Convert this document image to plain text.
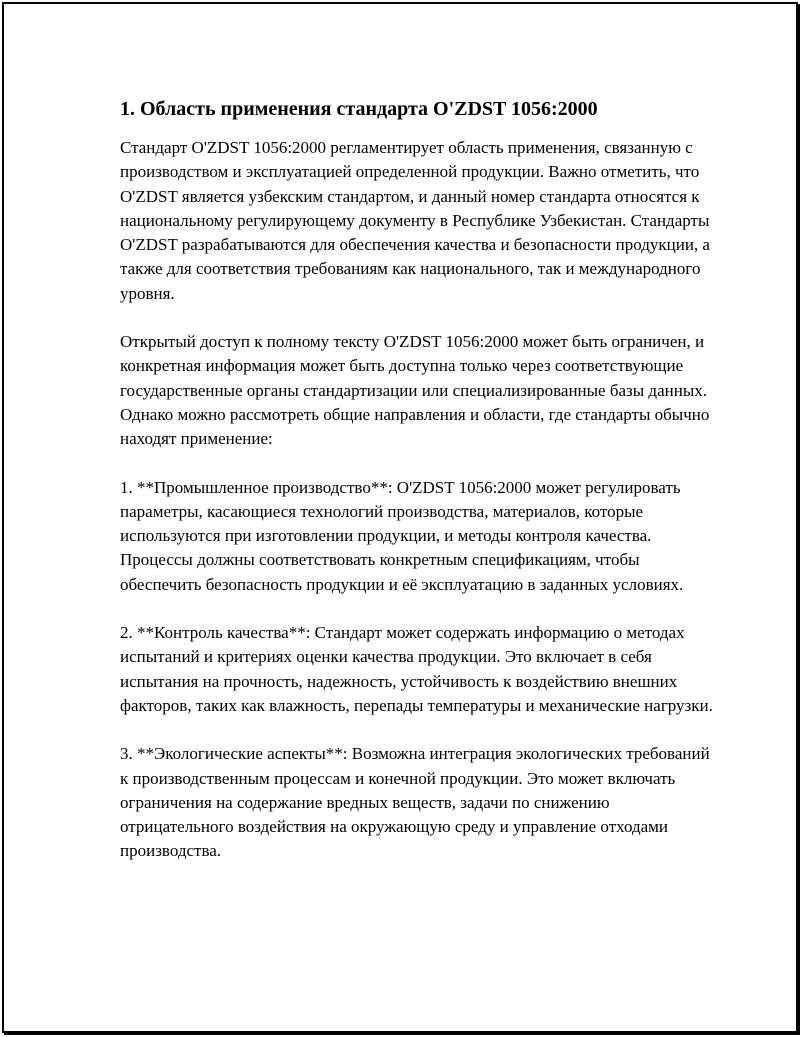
1. Область применения стандарта O'ZDST 1056:2000

Стандарт O'ZDST 1056:2000 регламентирует область применения, связанную с производством и эксплуатацией определенной продукции. Важно отметить, что O'ZDST является узбекским стандартом, и данный номер стандарта относятся к национальному регулирующему документу в Республике Узбекистан. Стандарты O'ZDST разрабатываются для обеспечения качества и безопасности продукции, а также для соответствия требованиям как национального, так и международного уровня.

Открытый доступ к полному тексту O'ZDST 1056:2000 может быть ограничен, и конкретная информация может быть доступна только через соответствующие государственные органы стандартизации или специализированные базы данных. Однако можно рассмотреть общие направления и области, где стандарты обычно находят применение:

1. **Промышленное производство**: O'ZDST 1056:2000 может регулировать параметры, касающиеся технологий производства, материалов, которые используются при изготовлении продукции, и методы контроля качества. Процессы должны соответствовать конкретным спецификациям, чтобы обеспечить безопасность продукции и её эксплуатацию в заданных условиях.

2. **Контроль качества**: Стандарт может содержать информацию о методах испытаний и критериях оценки качества продукции. Это включает в себя испытания на прочность, надежность, устойчивость к воздействию внешних факторов, таких как влажность, перепады температуры и механические нагрузки.

3. **Экологические аспекты**: Возможна интеграция экологических требований к производственным процессам и конечной продукции. Это может включать ограничения на содержание вредных веществ, задачи по снижению отрицательного воздействия на окружающую среду и управление отходами производства.
